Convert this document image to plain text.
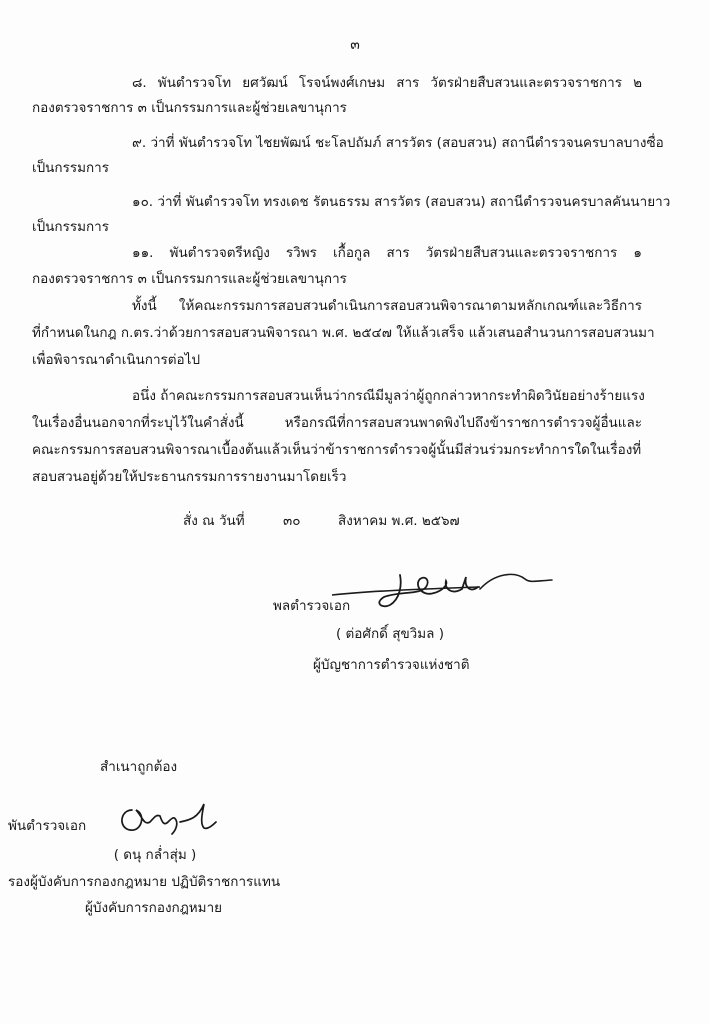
๓
๘. พันตำรวจโท ยศวัฒน์ โรจน์พงศ์เกษม สาร วัตรฝ่ายสืบสวนและตรวจราชการ ๒
กองตรวจราชการ ๓ เป็นกรรมการและผู้ช่วยเลขานุการ
๙. ว่าที่ พันตำรวจโท ไชยพัฒน์ ชะโลปถัมภ์ สารวัตร (สอบสวน) สถานีตำรวจนครบาลบางซื่อ
เป็นกรรมการ
๑๐. ว่าที่ พันตำรวจโท ทรงเดช รัตนธรรม สารวัตร (สอบสวน) สถานีตำรวจนครบาลคันนายาว
เป็นกรรมการ
๑๑. พันตำรวจตรีหญิง รวิพร เกื้อกูล สาร วัตรฝ่ายสืบสวนและตรวจราชการ ๑
กองตรวจราชการ ๓ เป็นกรรมการและผู้ช่วยเลขานุการ
ทั้งนี้ ให้คณะกรรมการสอบสวนดำเนินการสอบสวนพิจารณาตามหลักเกณฑ์และวิธีการ
ที่กำหนดในกฎ ก.ตร.ว่าด้วยการสอบสวนพิจารณา พ.ศ. ๒๕๔๗ ให้แล้วเสร็จ แล้วเสนอสำนวนการสอบสวนมา
เพื่อพิจารณาดำเนินการต่อไป
อนึ่ง ถ้าคณะกรรมการสอบสวนเห็นว่ากรณีมีมูลว่าผู้ถูกกล่าวหากระทำผิดวินัยอย่างร้ายแรง
ในเรื่องอื่นนอกจากที่ระบุไว้ในคำสั่งนี้ หรือกรณีที่การสอบสวนพาดพิงไปถึงข้าราชการตำรวจผู้อื่นและ
คณะกรรมการสอบสวนพิจารณาเบื้องต้นแล้วเห็นว่าข้าราชการตำรวจผู้นั้นมีส่วนร่วมกระทำการใดในเรื่องที่
สอบสวนอยู่ด้วยให้ประธานกรรมการรายงานมาโดยเร็ว
สั่ง ณ วันที่	๓๐	สิงหาคม พ.ศ. ๒๕๖๗
พลตำรวจเอก
( ต่อศักดิ์ สุขวิมล )
ผู้บัญชาการตำรวจแห่งชาติ
สำเนาถูกต้อง
พันตำรวจเอก
( ดนุ กล่ำสุ่ม )
รองผู้บังคับการกองกฎหมาย ปฏิบัติราชการแทน
ผู้บังคับการกองกฎหมาย
